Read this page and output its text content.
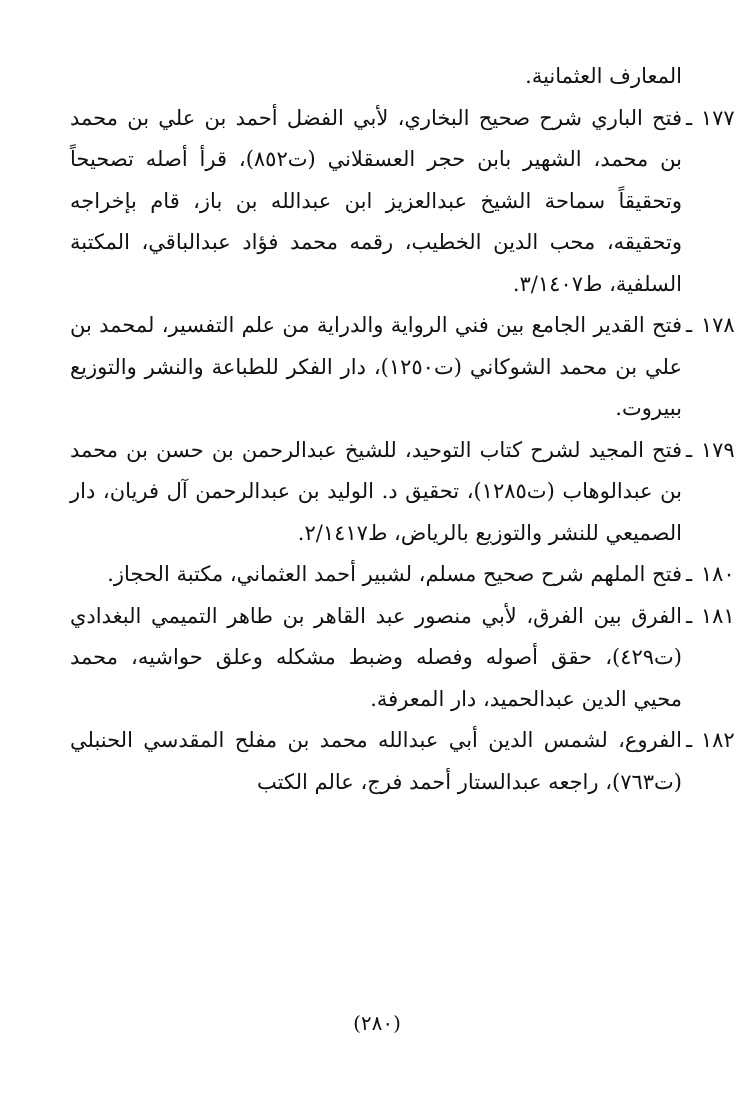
المعارف العثمانية.

١٧٧ ـ
فتح الباري شرح صحيح البخاري، لأبي الفضل أحمد بن علي بن محمد بن محمد، الشهير بابن حجر العسقلاني (ت٨٥٢)، قرأ أصله تصحيحاً وتحقيقاً سماحة الشيخ عبدالعزيز ابن عبدالله بن باز، قام بإخراجه وتحقيقه، محب الدين الخطيب، رقمه محمد فؤاد عبدالباقي، المكتبة السلفية، ط٣/١٤٠٧.
١٧٨ ـ
فتح القدير الجامع بين فني الرواية والدراية من علم التفسير، لمحمد بن علي بن محمد الشوكاني (ت١٢٥٠)، دار الفكر للطباعة والنشر والتوزيع ببيروت.
١٧٩ ـ
فتح المجيد لشرح كتاب التوحيد، للشيخ عبدالرحمن بن حسن بن محمد بن عبدالوهاب (ت١٢٨٥)، تحقيق د. الوليد بن عبدالرحمن آل فريان، دار الصميعي للنشر والتوزيع بالرياض، ط٢/١٤١٧.
١٨٠ ـ
فتح الملهم شرح صحيح مسلم، لشبير أحمد العثماني، مكتبة الحجاز.
١٨١ ـ
الفرق بين الفرق، لأبي منصور عبد القاهر بن طاهر التميمي البغدادي (ت٤٢٩)، حقق أصوله وفصله وضبط مشكله وعلق حواشيه، محمد محيي الدين عبدالحميد، دار المعرفة.
١٨٢ ـ
الفروع، لشمس الدين أبي عبدالله محمد بن مفلح المقدسي الحنبلي (ت٧٦٣)، راجعه عبدالستار أحمد فرج، عالم الكتب
(٢٨٠)
